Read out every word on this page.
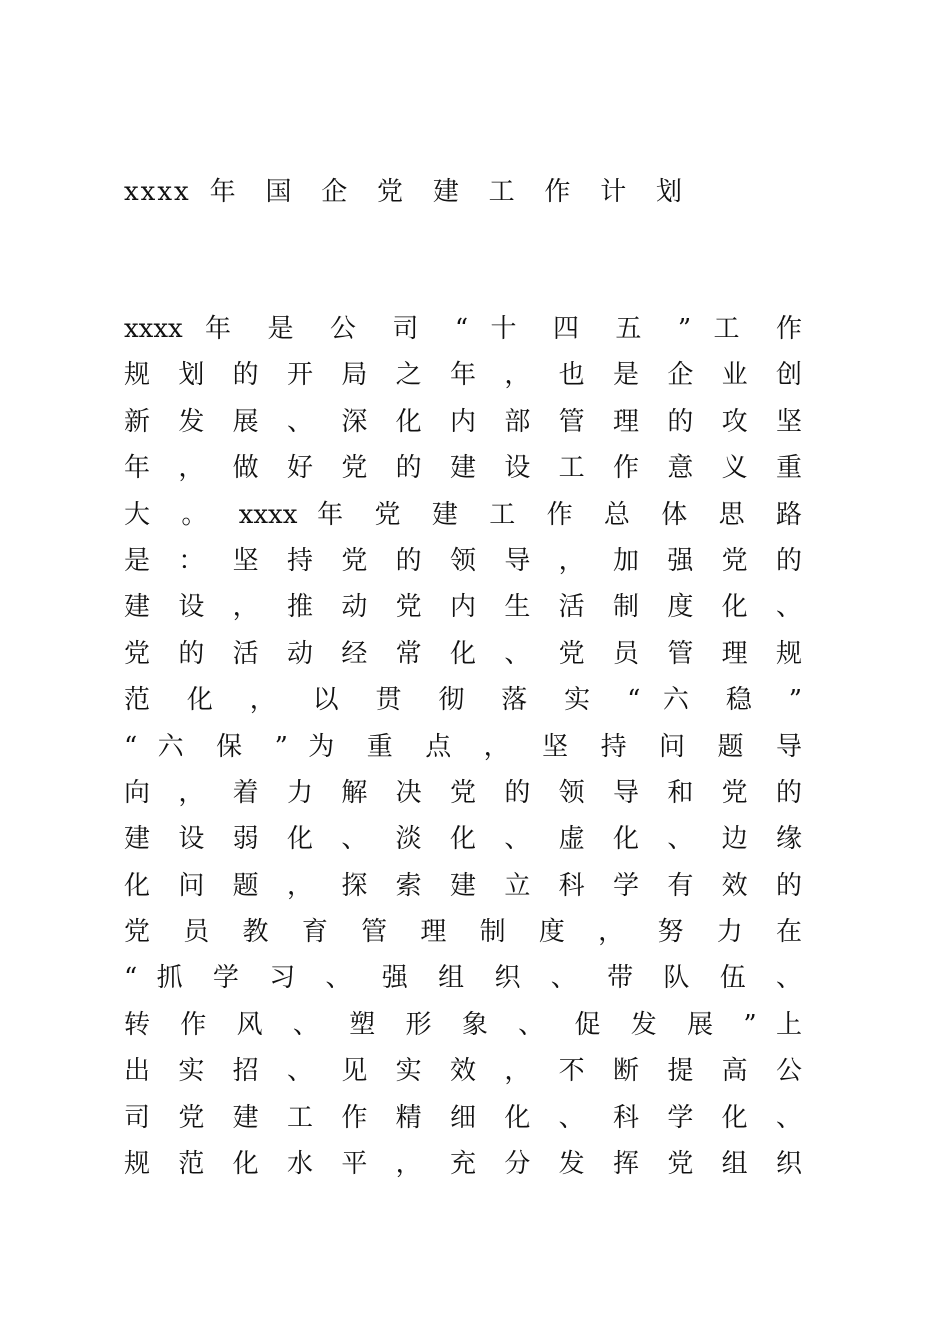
xxxx 年 国 企 党 建 工 作 计 划
xxxx 年 是 公 司 “ 十 四 五 ” 工 作
规 划 的 开 局 之 年 ， 也 是 企 业 创
新 发 展 、 深 化 内 部 管 理 的 攻 坚
年 ， 做 好 党 的 建 设 工 作 意 义 重
大 。 xxxx 年 党 建 工 作 总 体 思 路
是 ： 坚 持 党 的 领 导 ， 加 强 党 的
建 设 ， 推 动 党 内 生 活 制 度 化 、
党 的 活 动 经 常 化 、 党 员 管 理 规
范 化 ， 以 贯 彻 落 实 “ 六 稳 ”
“ 六 保 ” 为 重 点 ， 坚 持 问 题 导
向 ， 着 力 解 决 党 的 领 导 和 党 的
建 设 弱 化 、 淡 化 、 虚 化 、 边 缘
化 问 题 ， 探 索 建 立 科 学 有 效 的
党 员 教 育 管 理 制 度 ， 努 力 在
“ 抓 学 习 、 强 组 织 、 带 队 伍 、
转 作 风 、 塑 形 象 、 促 发 展 ” 上
出 实 招 、 见 实 效 ， 不 断 提 高 公
司 党 建 工 作 精 细 化 、 科 学 化 、
规 范 化 水 平 ， 充 分 发 挥 党 组 织
